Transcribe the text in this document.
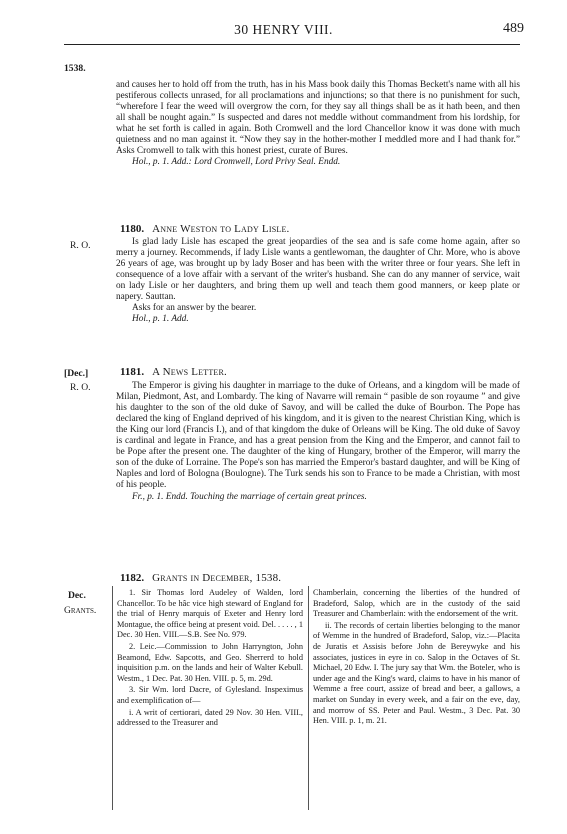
30 HENRY VIII.	489
1538.

and causes her to hold off from the truth, has in his Mass book daily this Thomas Beckett's name with all his pestiferous collects unrased, for all proclamations and injunctions; so that there is no punishment for such, “wherefore I fear the weed will overgrow the corn, for they say all things shall be as it hath been, and then all shall be nought again.” Is suspected and dares not meddle without commandment from his lordship, for what he set forth is called in again. Both Cromwell and the lord Chancellor know it was done with much quietness and no man against it. “Now they say in the hother-mother I meddled more and I had thank for.” Asks Cromwell to talk with this honest priest, curate of Bures.

Hol., p. 1. Add.: Lord Cromwell, Lord Privy Seal. Endd.

1180. Anne Weston to Lady Lisle.
R. O.	Is glad lady Lisle has escaped the great jeopardies of the sea and is safe come home again, after so merry a journey. Recommends, if lady Lisle wants a gentlewoman, the daughter of Chr. More, who is above 26 years of age, was brought up by lady Boser and has been with the writer three or four years. She left in consequence of a love affair with a servant of the writer's husband. She can do any manner of service, wait on lady Lisle or her daughters, and bring them up well and teach them good manners, or keep plate or napery. Sauttan.

Asks for an answer by the bearer.

Hol., p. 1. Add.

[Dec.]	1181. A News Letter.
R. O.	The Emperor is giving his daughter in marriage to the duke of Orleans, and a kingdom will be made of Milan, Piedmont, Ast, and Lombardy. The king of Navarre will remain “ pasible de son royaume ” and give his daughter to the son of the old duke of Savoy, and will be called the duke of Bourbon. The Pope has declared the king of England deprived of his kingdom, and it is given to the nearest Christian King, which is the King our lord (Francis I.), and of that kingdom the duke of Orleans will be King. The old duke of Savoy is cardinal and legate in France, and has a great pension from the King and the Emperor, and cannot fail to be Pope after the present one. The daughter of the king of Hungary, brother of the Emperor, will marry the son of the duke of Lorraine. The Pope's son has married the Emperor's bastard daughter, and will be King of Naples and lord of Bologna (Boulogne). The Turk sends his son to France to be made a Christian, with most of his people.

Fr., p. 1. Endd. Touching the marriage of certain great princes.

1182. Grants in December, 1538.
Dec.
Grants.

1. Sir Thomas lord Audeley of Walden, lord Chancellor. To be hâc vice high steward of England for the trial of Henry marquis of Exeter and Henry lord Montague, the office being at present void. Del. . . . . , 1 Dec. 30 Hen. VIII.—S.B. See No. 979.

2. Leic.—Commission to John Harryngton, John Beamond, Edw. Sapcotts, and Geo. Sherrerd to hold inquisition p.m. on the lands and heir of Walter Kebull. Westm., 1 Dec. Pat. 30 Hen. VIII. p. 5, m. 29d.

3. Sir Wm. lord Dacre, of Gylesland. Inspeximus and exemplification of—

i. A writ of certiorari, dated 29 Nov. 30 Hen. VIII., addressed to the Treasurer and

Chamberlain, concerning the liberties of the hundred of Bradeford, Salop, which are in the custody of the said Treasurer and Chamberlain: with the endorsement of the writ.

ii. The records of certain liberties belonging to the manor of Wemme in the hundred of Bradeford, Salop, viz.:—Placita de Juratis et Assisis before John de Bereywyke and his associates, justices in eyre in co. Salop in the Octaves of St. Michael, 20 Edw. I. The jury say that Wm. the Boteler, who is under age and the King's ward, claims to have in his manor of Wemme a free court, assize of bread and beer, a gallows, a market on Sunday in every week, and a fair on the eve, day, and morrow of SS. Peter and Paul. Westm., 3 Dec. Pat. 30 Hen. VIII. p. 1, m. 21.
